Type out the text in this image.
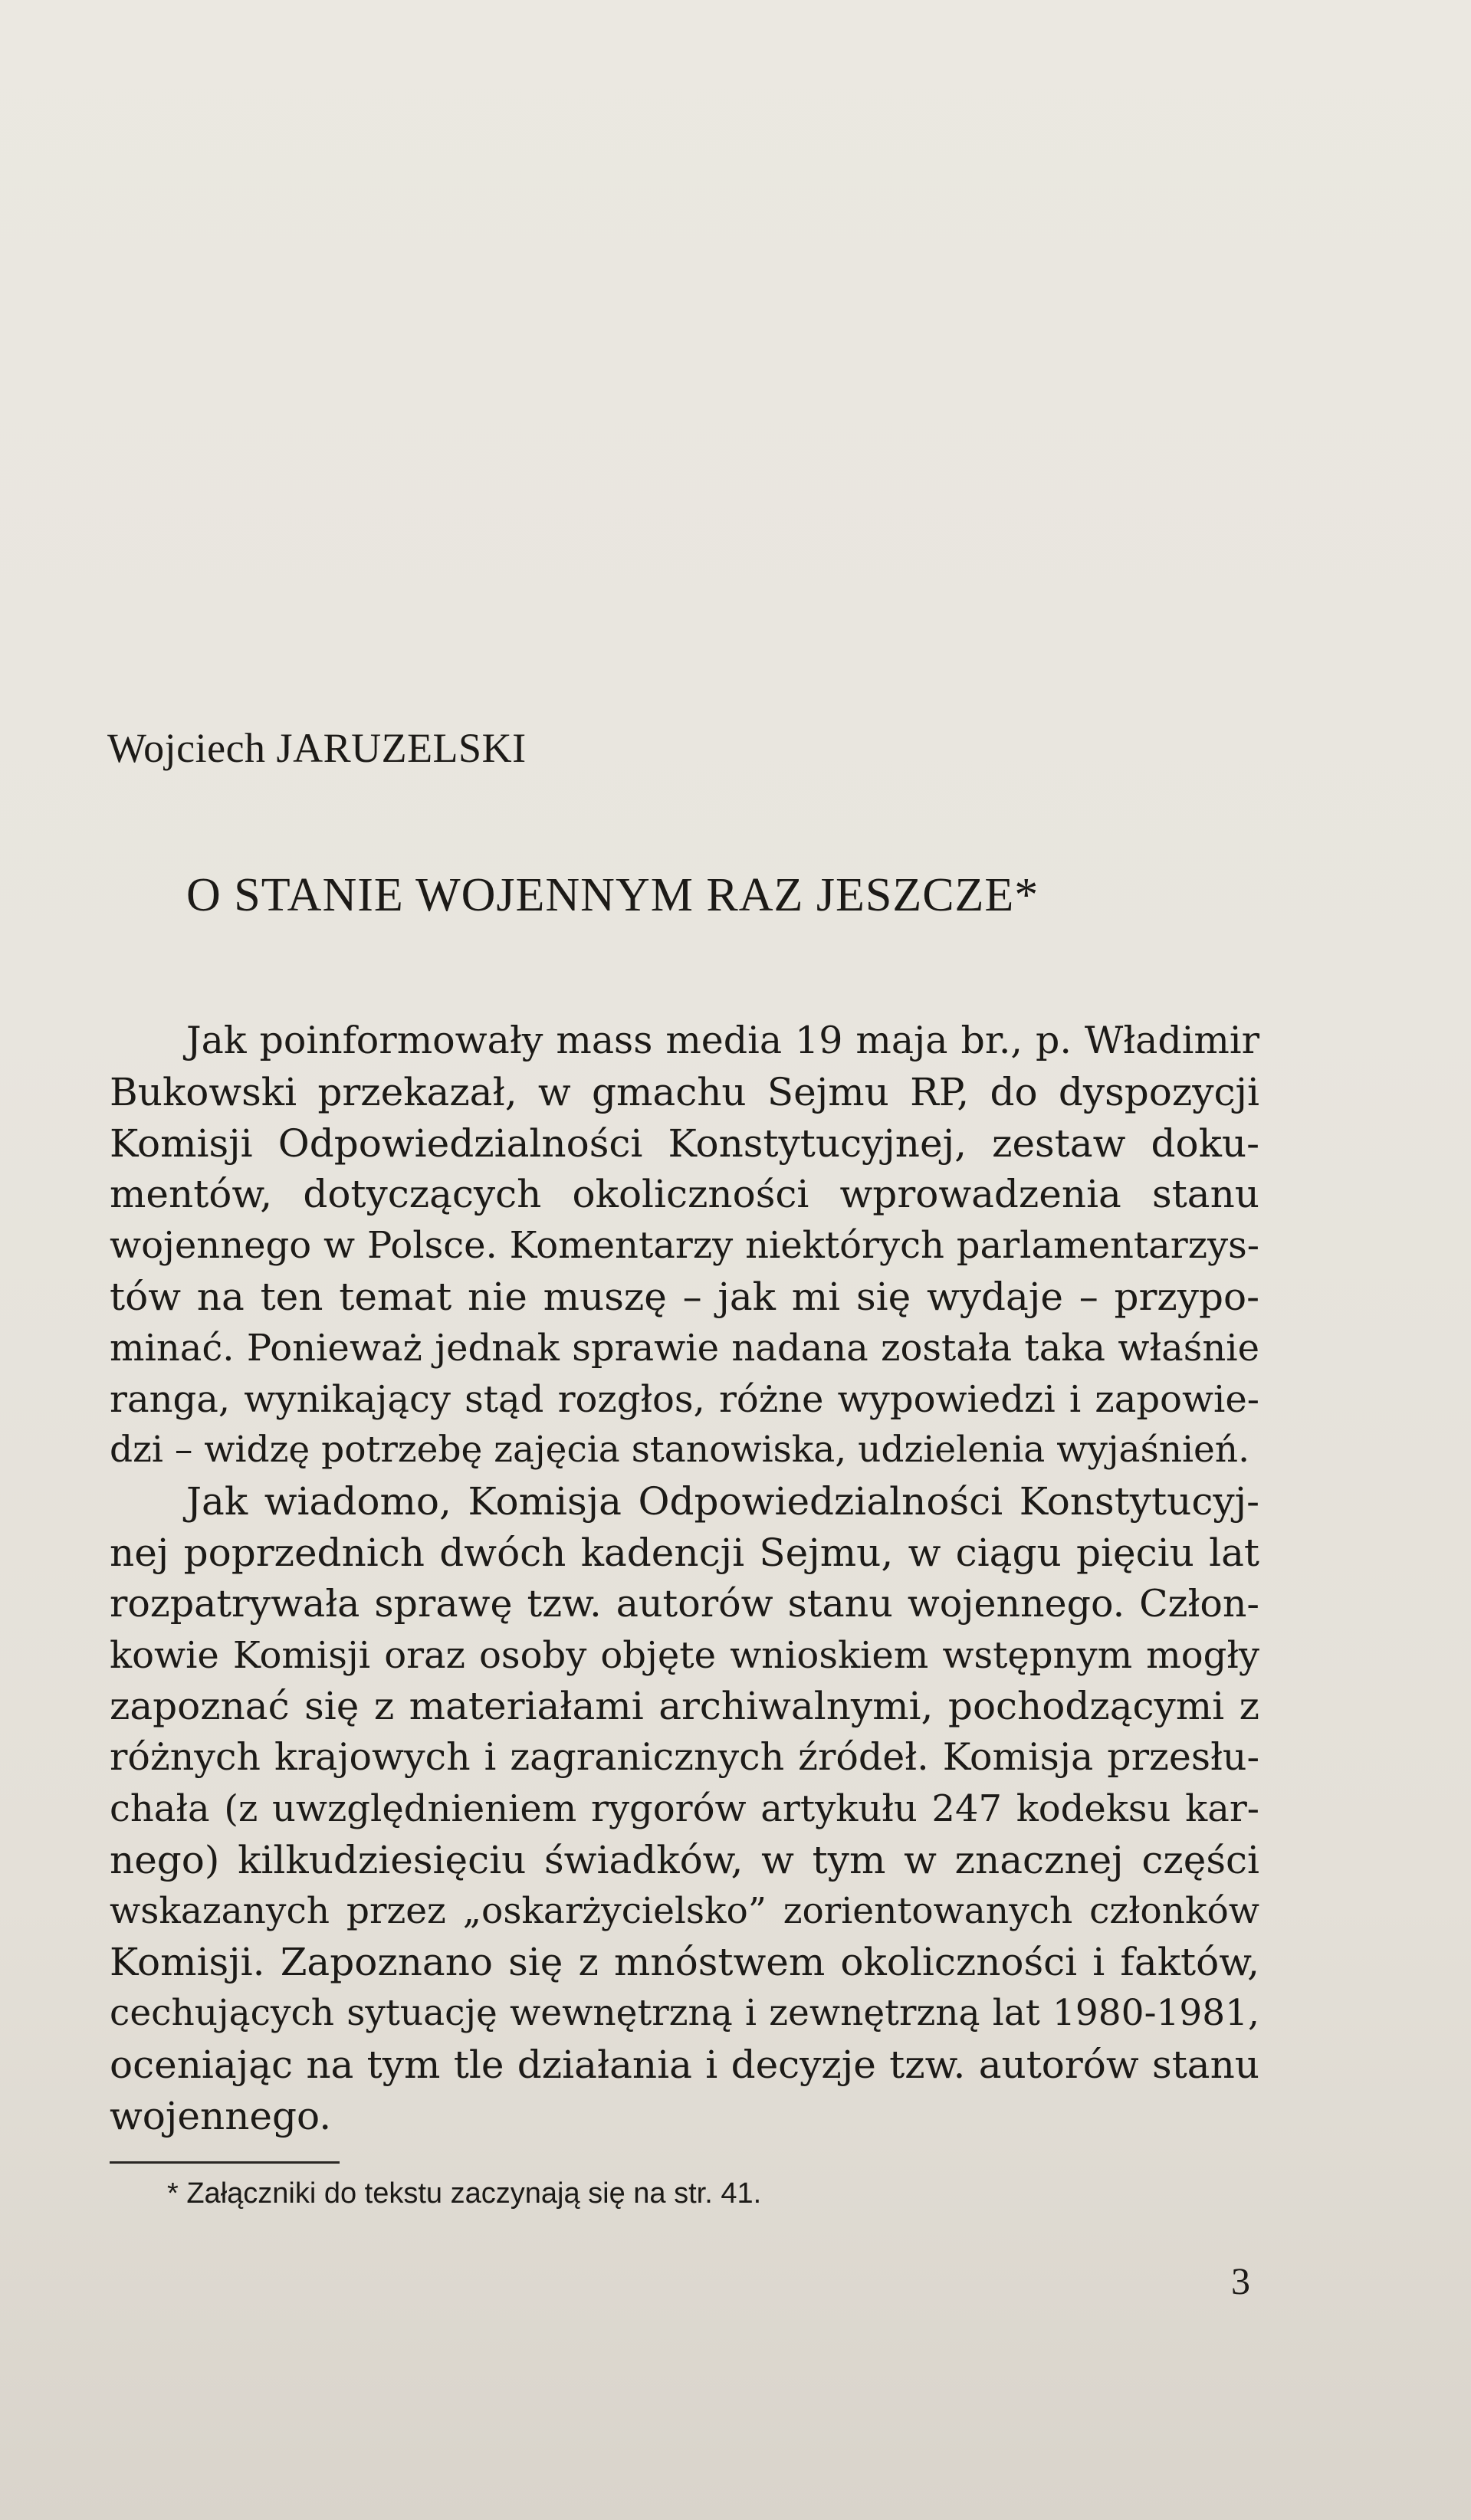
Wojciech JARUZELSKI
O STANIE WOJENNYM RAZ JESZCZE*
Jak poinformowały mass media 19 maja br., p. Władimir
Bukowski przekazał, w gmachu Sejmu RP, do dyspozycji
Komisji Odpowiedzialności Konstytucyjnej, zestaw doku-
mentów, dotyczących okoliczności wprowadzenia stanu
wojennego w Polsce. Komentarzy niektórych parlamentarzys-
tów na ten temat nie muszę – jak mi się wydaje – przypo-
minać. Ponieważ jednak sprawie nadana została taka właśnie
ranga, wynikający stąd rozgłos, różne wypowiedzi i zapowie-
dzi – widzę potrzebę zajęcia stanowiska, udzielenia wyjaśnień.
Jak wiadomo, Komisja Odpowiedzialności Konstytucyj-
nej poprzednich dwóch kadencji Sejmu, w ciągu pięciu lat
rozpatrywała sprawę tzw. autorów stanu wojennego. Człon-
kowie Komisji oraz osoby objęte wnioskiem wstępnym mogły
zapoznać się z materiałami archiwalnymi, pochodzącymi z
różnych krajowych i zagranicznych źródeł. Komisja przesłu-
chała (z uwzględnieniem rygorów artykułu 247 kodeksu kar-
nego) kilkudziesięciu świadków, w tym w znacznej części
wskazanych przez „oskarżycielsko” zorientowanych członków
Komisji. Zapoznano się z mnóstwem okoliczności i faktów,
cechujących sytuację wewnętrzną i zewnętrzną lat 1980-1981,
oceniając na tym tle działania i decyzje tzw. autorów stanu
wojennego.
* Załączniki do tekstu zaczynają się na str. 41.
3
